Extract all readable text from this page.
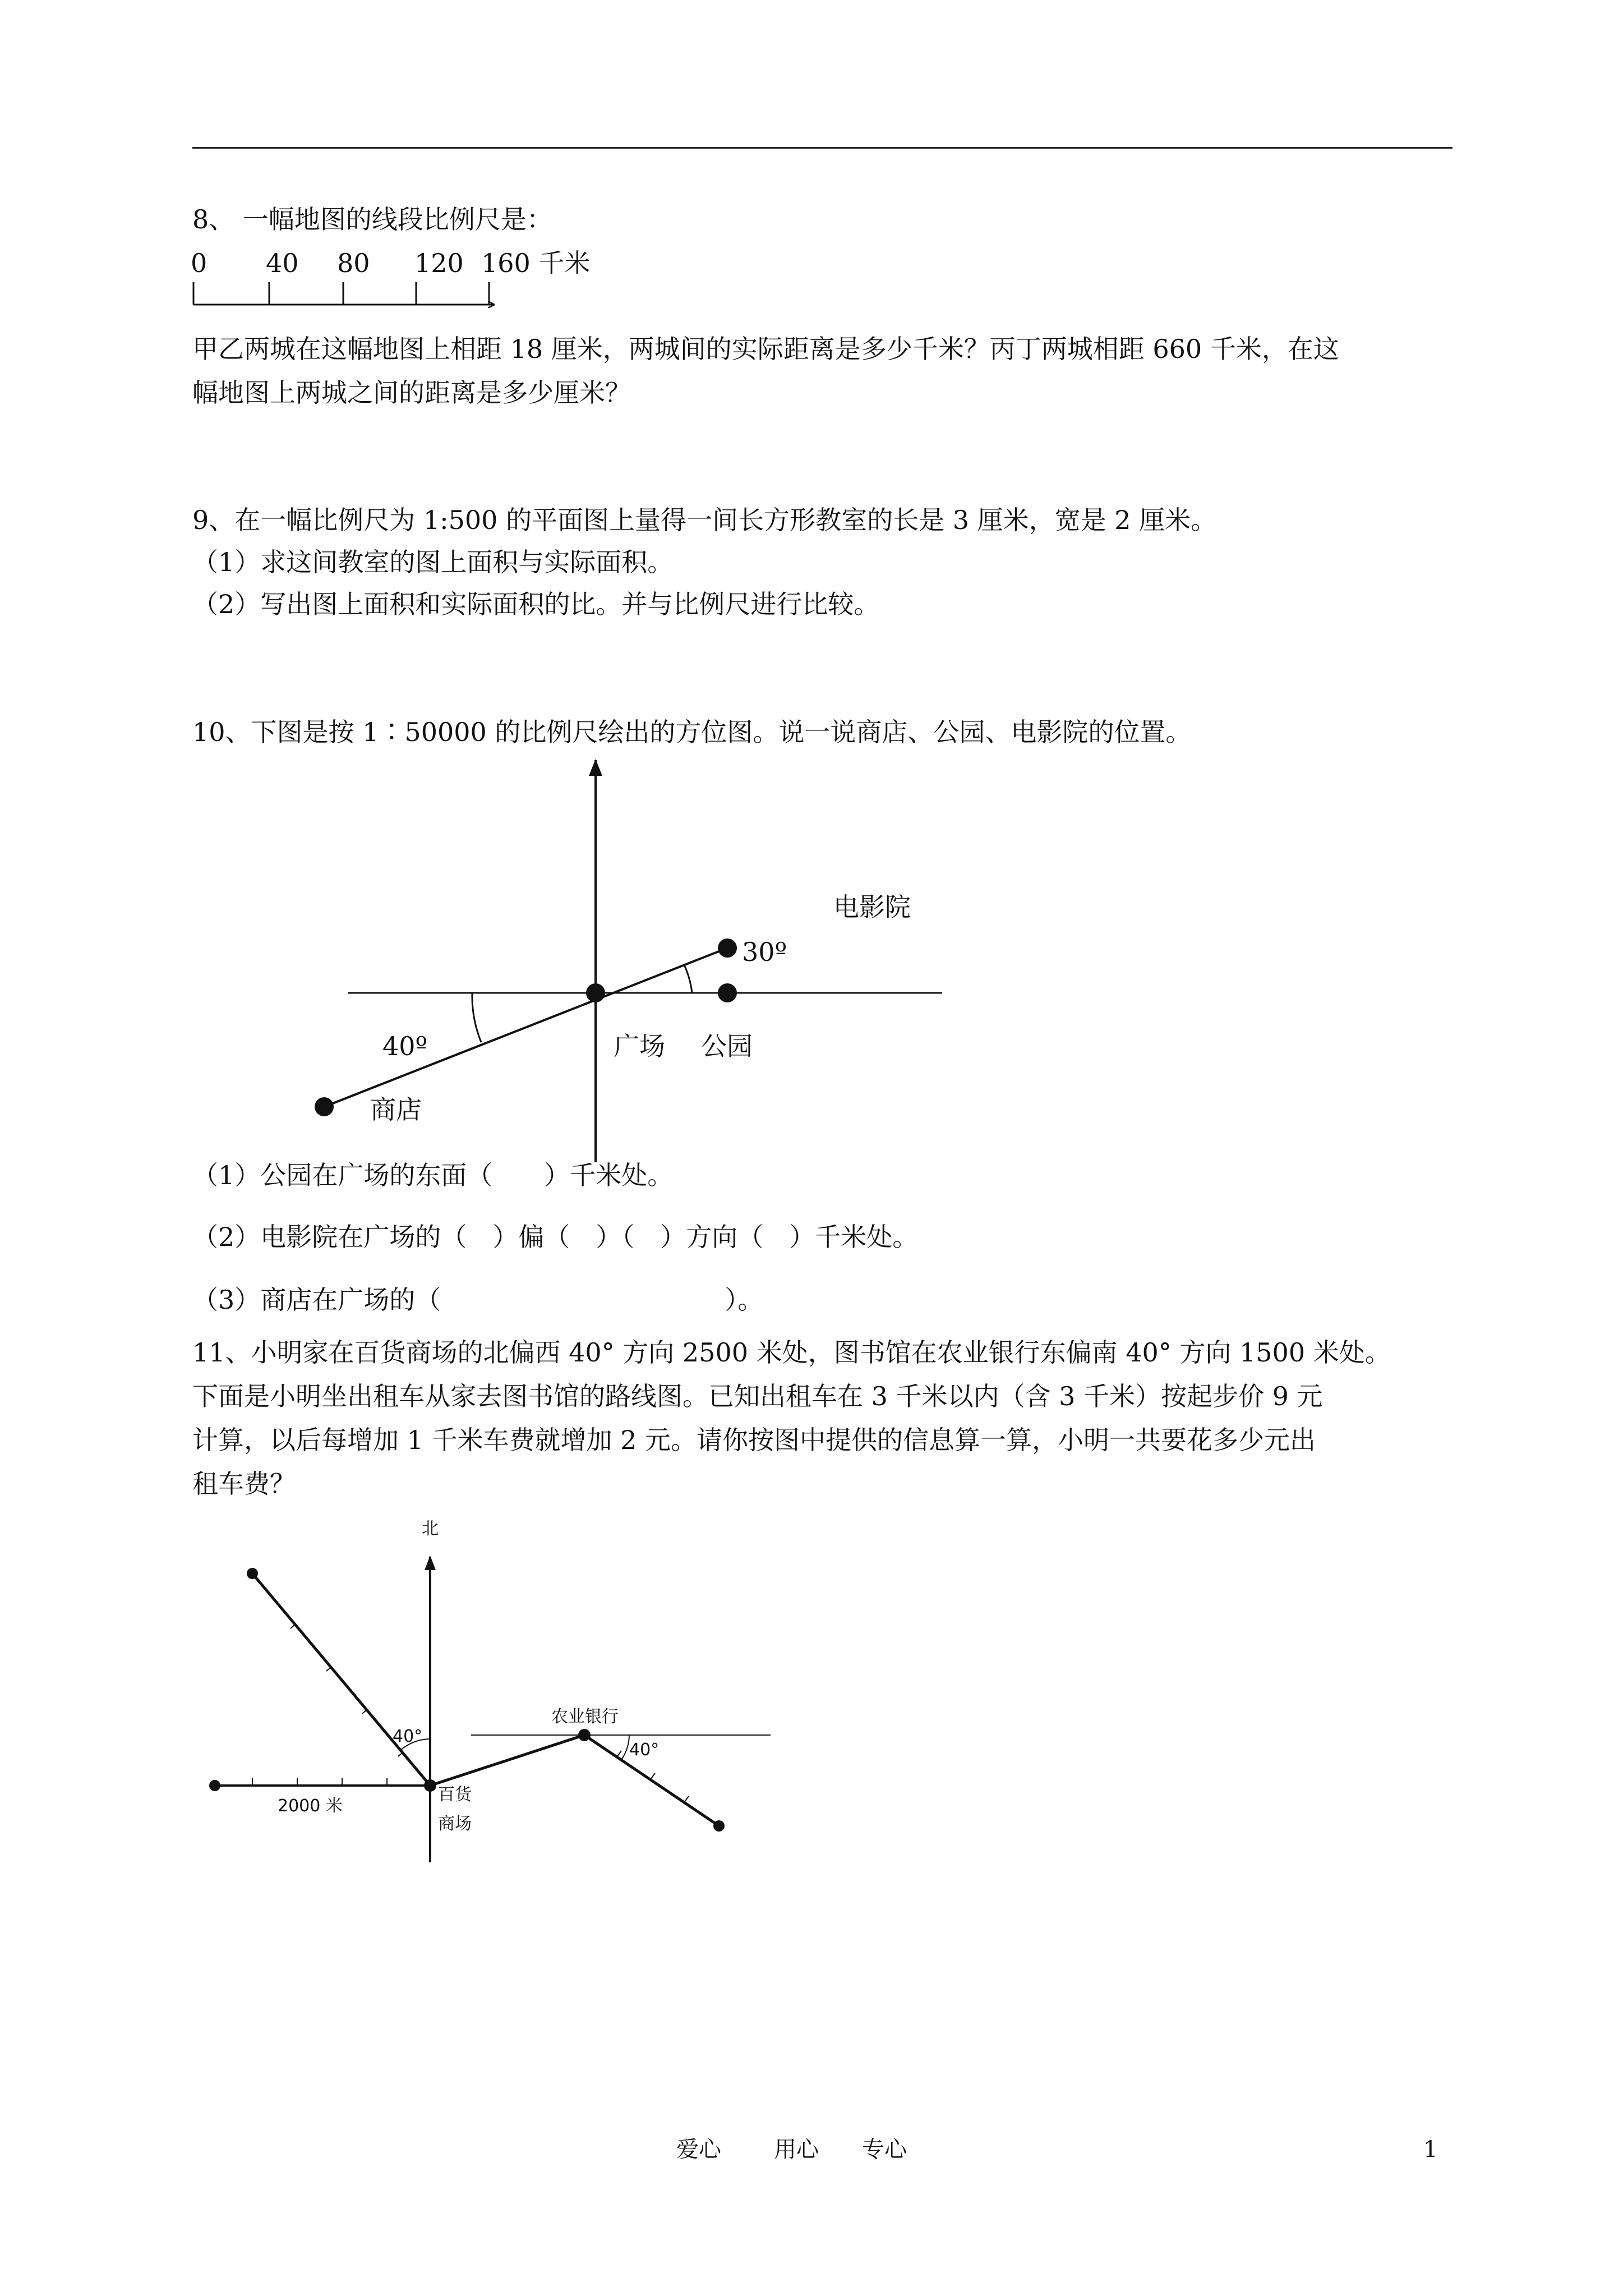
8、 一幅地图的线段比例尺是：
0 40 80 120 160 千米
甲乙两城在这幅地图上相距 18 厘米，两城间的实际距离是多少千米？丙丁两城相距 660 千米，在这
幅地图上两城之间的距离是多少厘米？
9、在一幅比例尺为 1:500 的平面图上量得一间长方形教室的长是 3 厘米，宽是 2 厘米。
（1）求这间教室的图上面积与实际面积。
（2）写出图上面积和实际面积的比。并与比例尺进行比较。
10、下图是按 1∶50000 的比例尺绘出的方位图。说一说商店、公园、电影院的位置。
电影院
30º
40º	广场 公园
商店
（1）公园在广场的东面（　　）千米处。
（2）电影院在广场的（　）偏（　）（　）方向（　）千米处。
（3）商店在广场的（　　　　　　　　　　　）。
11、小明家在百货商场的北偏西 40° 方向 2500 米处，图书馆在农业银行东偏南 40° 方向 1500 米处。
下面是小明坐出租车从家去图书馆的路线图。已知出租车在 3 千米以内（含 3 千米）按起步价 9 元
计算，以后每增加 1 千米车费就增加 2 元。请你按图中提供的信息算一算，小明一共要花多少元出
租车费？
北
40°
农业银行
40°
2000 米
百货
商场
爱心 用心 专心	1
